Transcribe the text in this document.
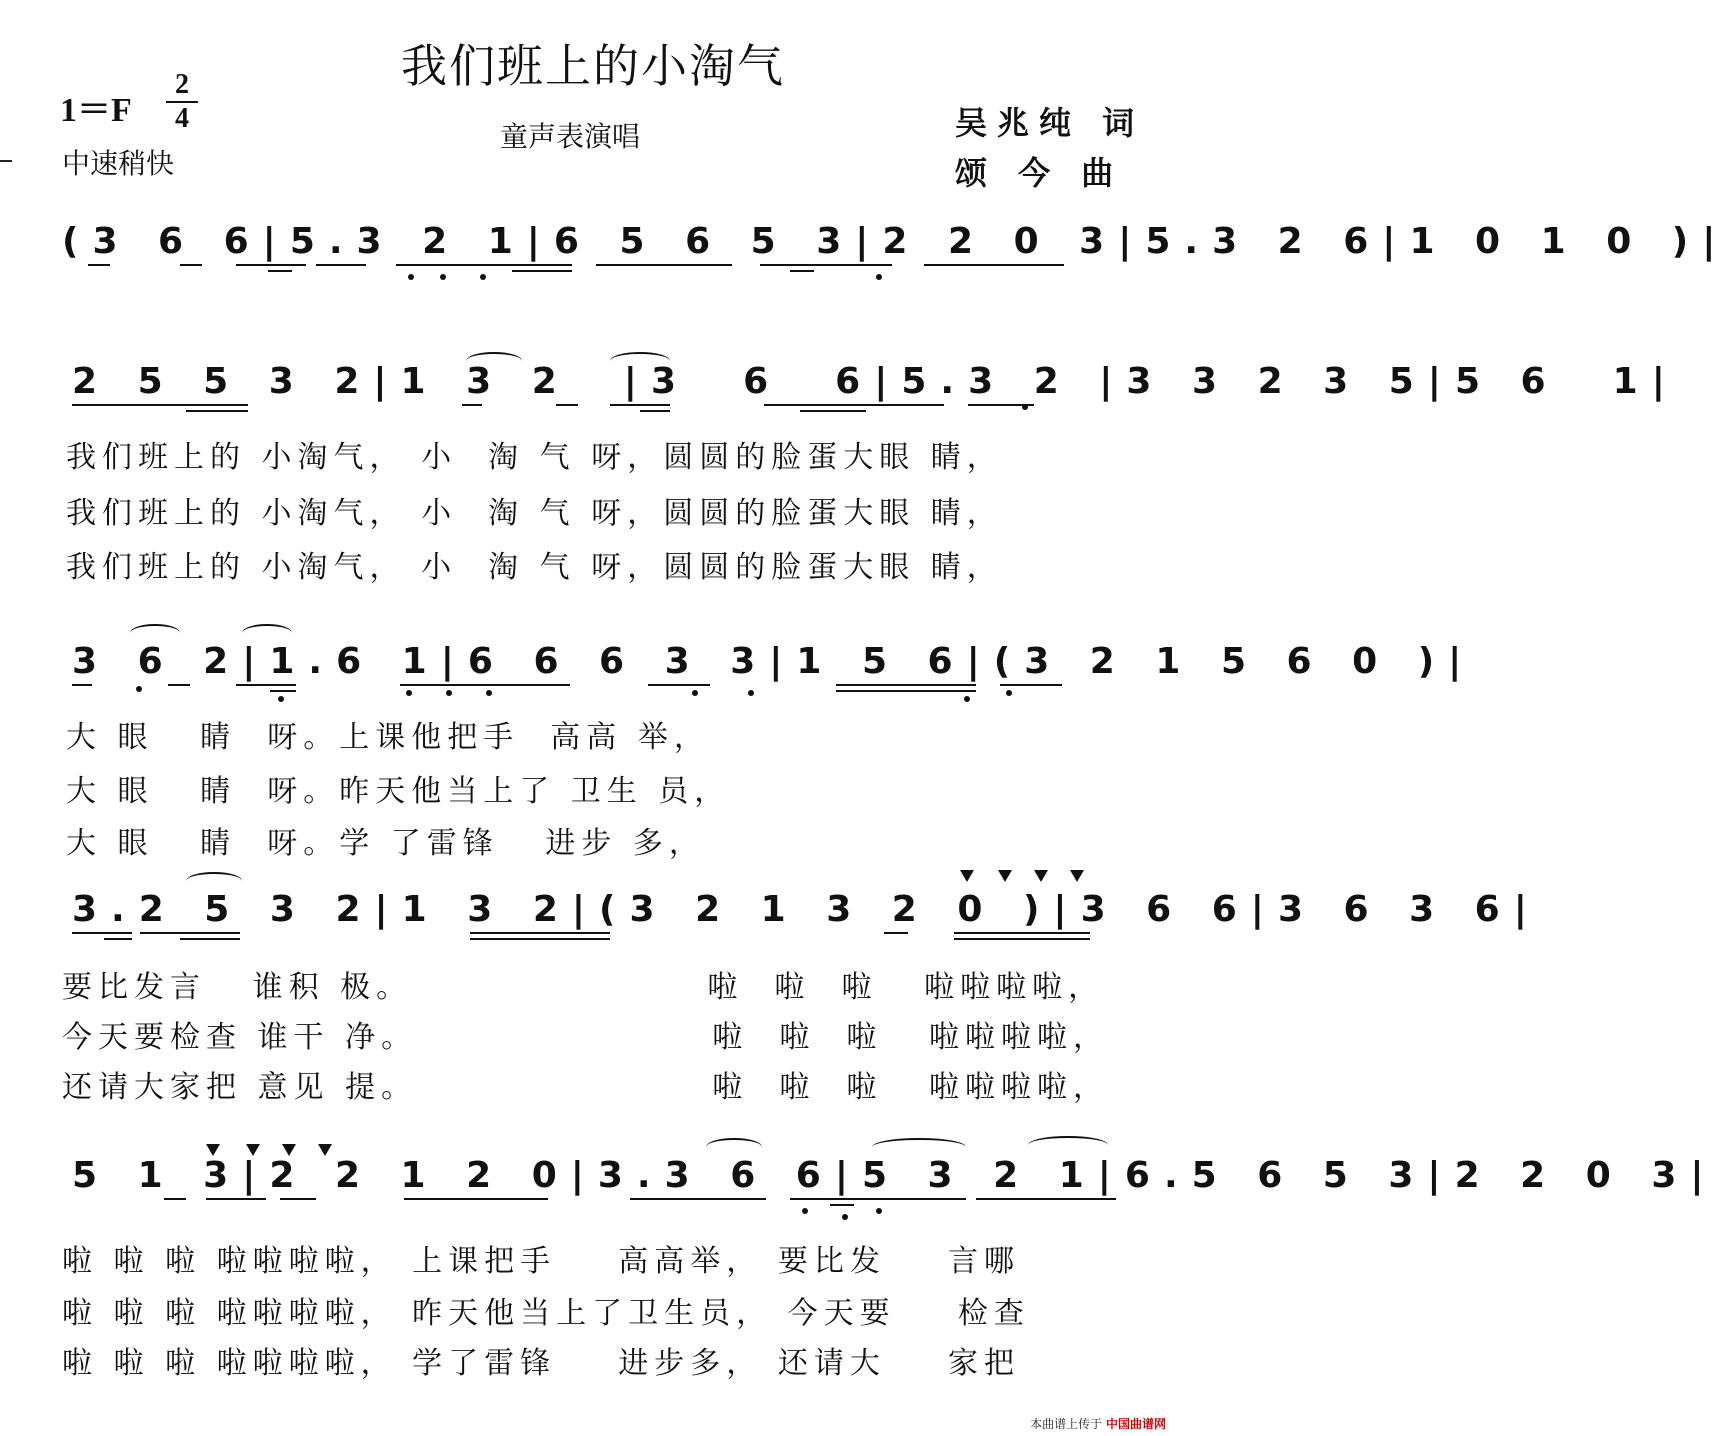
我们班上的小淘气
童声表演唱
1＝F
2
4
中速稍快
吴兆纯 词
颂 今 曲
(3 6 6|5.3 2 1|6 5 6 5 3|2 2 0 3|5.3 2 6|1 0 1 0 )|
2 5 5 3 2|1 3 2  |3  6  6|5.3 2 |3 3 2 3 5|5 6  1|
我们班上的 小淘气， 小  淘 气 呀，圆圆的脸蛋大眼 睛，
我们班上的 小淘气， 小  淘 气 呀，圆圆的脸蛋大眼 睛，
我们班上的 小淘气， 小  淘 气 呀，圆圆的脸蛋大眼 睛，
3 6 2|1.6 1|6 6 6 3 3|1 5 6|(3 2 1 5 6 0 )|
大 眼   睛  呀。上课他把手  高高 举，
大 眼   睛  呀。昨天他当上了 卫生 员，
大 眼   睛  呀。学 了雷锋   进步 多，
3.2 5 3 2|1 3 2|(3 2 1 3 2 0 )|3 6 6|3 6 3 6|
要比发言   谁积 极。                   啦  啦  啦   啦啦啦啦，
今天要检查 谁干 净。                   啦  啦  啦   啦啦啦啦，
还请大家把 意见 提。                   啦  啦  啦   啦啦啦啦，
5 1 3|2 2 1 2 0|3.3 6 6|5 3 2 1|6.5 6 5 3|2 2 0 3|
啦 啦 啦 啦啦啦啦， 上课把手    高高举， 要比发    言哪
啦 啦 啦 啦啦啦啦， 昨天他当上了卫生员， 今天要    检查
啦 啦 啦 啦啦啦啦， 学了雷锋    进步多， 还请大    家把
本曲谱上传于 中国曲谱网
